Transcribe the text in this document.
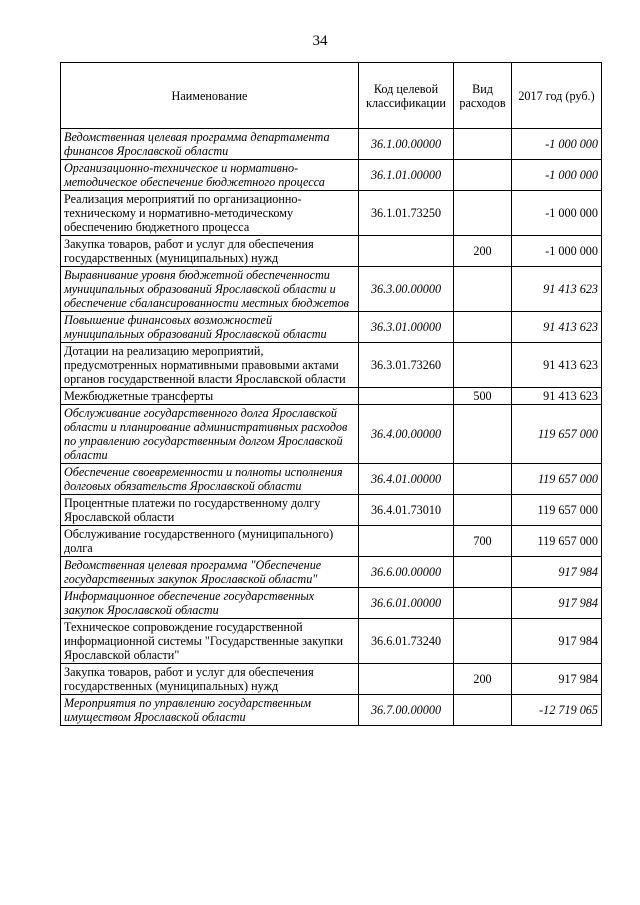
34
Наименование	Код целевой классификации	Вид расходов	2017 год (руб.)
Ведомственная целевая программа департамента финансов Ярославской области	36.1.00.00000		-1 000 000
Организационно-техническое и нормативно-методическое обеспечение бюджетного процесса	36.1.01.00000		-1 000 000
Реализация мероприятий по организационно-техническому и нормативно-методическому обеспечению бюджетного процесса	36.1.01.73250		-1 000 000
Закупка товаров, работ и услуг для обеспечения государственных (муниципальных) нужд		200	-1 000 000
Выравнивание уровня бюджетной обеспеченности муниципальных образований Ярославской области и обеспечение сбалансированности местных бюджетов	36.3.00.00000		91 413 623
Повышение финансовых возможностей муниципальных образований Ярославской области	36.3.01.00000		91 413 623
Дотации на реализацию мероприятий, предусмотренных нормативными правовыми актами органов государственной власти Ярославской области	36.3.01.73260		91 413 623
Межбюджетные трансферты		500	91 413 623
Обслуживание государственного долга Ярославской области и планирование административных расходов по управлению государственным долгом Ярославской области	36.4.00.00000		119 657 000
Обеспечение своевременности и полноты исполнения долговых обязательств Ярославской области	36.4.01.00000		119 657 000
Процентные платежи по государственному долгу Ярославской области	36.4.01.73010		119 657 000
Обслуживание государственного (муниципального) долга		700	119 657 000
Ведомственная целевая программа "Обеспечение государственных закупок Ярославской области"	36.6.00.00000		917 984
Информационное обеспечение государственных закупок Ярославской области	36.6.01.00000		917 984
Техническое сопровождение государственной информационной системы "Государственные закупки Ярославской области"	36.6.01.73240		917 984
Закупка товаров, работ и услуг для обеспечения государственных (муниципальных) нужд		200	917 984
Мероприятия по управлению государственным имуществом Ярославской области	36.7.00.00000		-12 719 065
